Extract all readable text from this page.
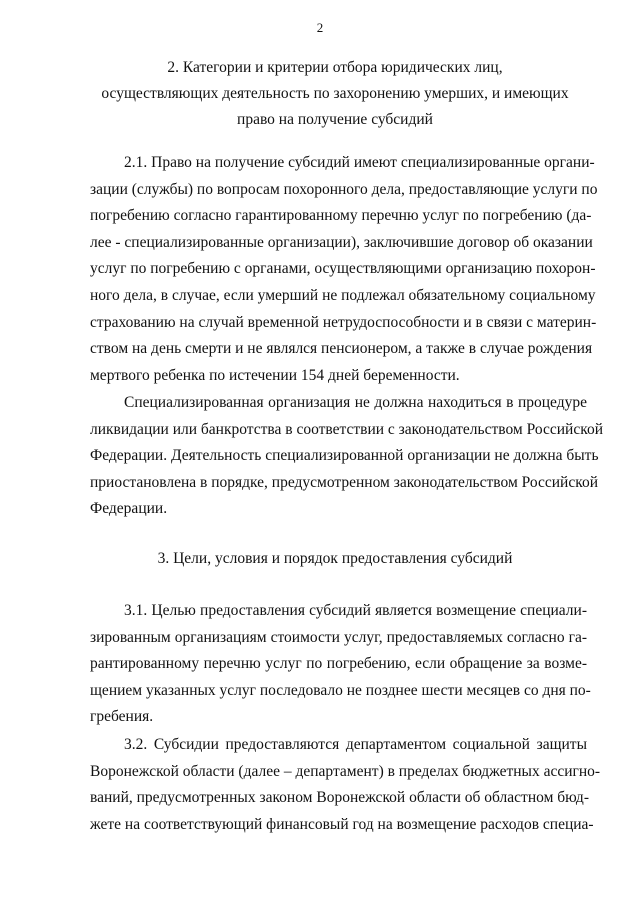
2
2. Категории и критерии отбора юридических лиц,
осуществляющих деятельность по захоронению умерших, и имеющих
право на получение субсидий
2.1. Право на получение субсидий имеют специализированные органи-
зации (службы) по вопросам похоронного дела, предоставляющие услуги по
погребению согласно гарантированному перечню услуг по погребению (да-
лее - специализированные организации), заключившие договор об оказании
услуг по погребению с органами, осуществляющими организацию похорон-
ного дела, в случае, если умерший не подлежал обязательному социальному
страхованию на случай временной нетрудоспособности и в связи с материн-
ством на день смерти и не являлся пенсионером, а также в случае рождения
мертвого ребенка по истечении 154 дней беременности.
Специализированная организация не должна находиться в процедуре
ликвидации или банкротства в соответствии с законодательством Российской
Федерации. Деятельность специализированной организации не должна быть
приостановлена в порядке, предусмотренном законодательством Российской
Федерации.
3. Цели, условия и порядок предоставления субсидий
3.1. Целью предоставления субсидий является возмещение специали-
зированным организациям стоимости услуг, предоставляемых согласно га-
рантированному перечню услуг по погребению, если обращение за возме-
щением указанных услуг последовало не позднее шести месяцев со дня по-
гребения.
3.2. Субсидии предоставляются департаментом социальной защиты
Воронежской области (далее – департамент) в пределах бюджетных ассигно-
ваний, предусмотренных законом Воронежской области об областном бюд-
жете на соответствующий финансовый год на возмещение расходов специа-
